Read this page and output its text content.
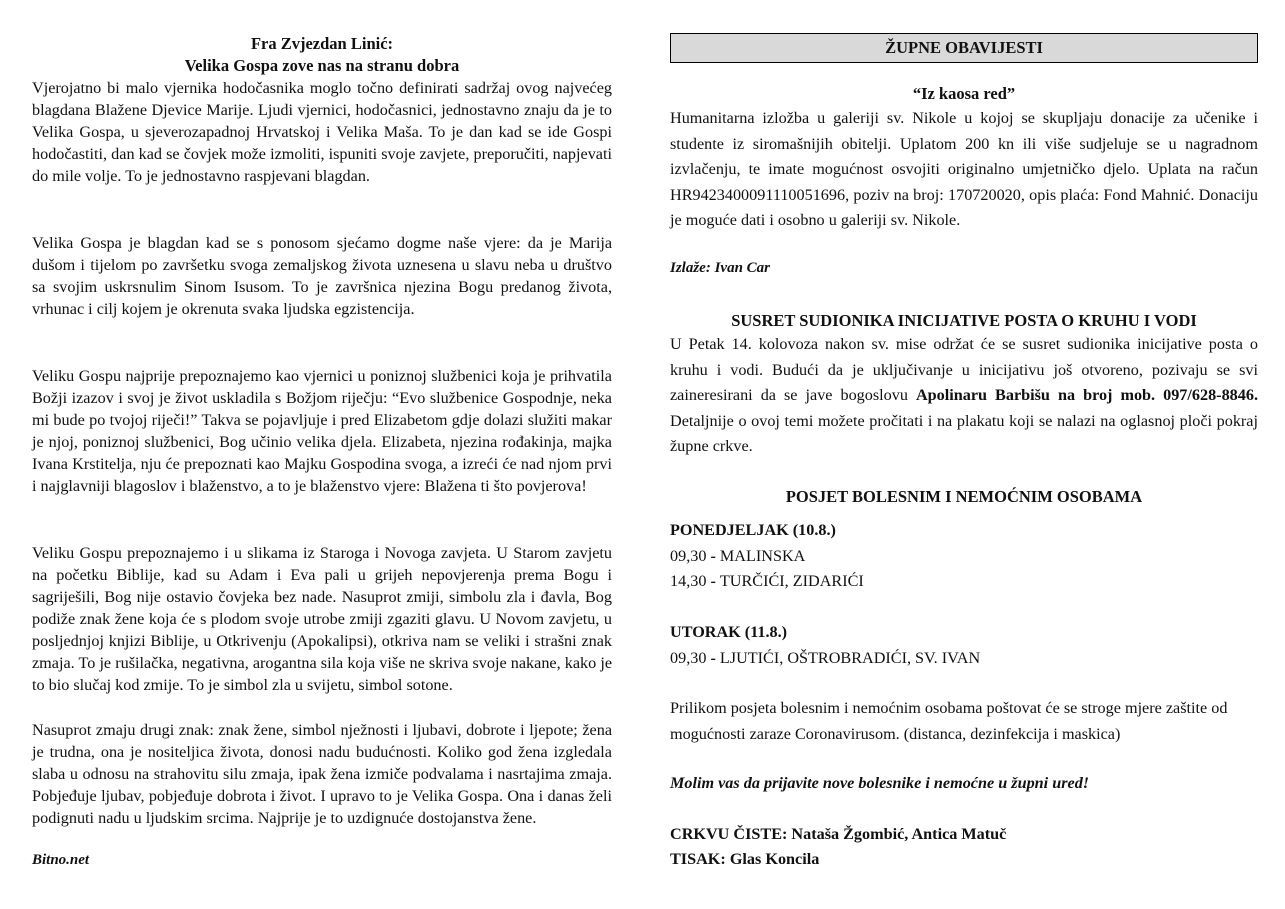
Fra Zvjezdan Linić:
Velika Gospa zove nas na stranu dobra

Vjerojatno bi malo vjernika hodočasnika moglo točno definirati sadržaj ovog najvećeg blagdana Blažene Djevice Marije. Ljudi vjernici, hodočasnici, jednostavno znaju da je to Velika Gospa, u sjeverozapadnoj Hrvatskoj i Velika Maša. To je dan kad se ide Gospi hodočastiti, dan kad se čovjek može izmoliti, ispuniti svoje zavjete, preporučiti, napjevati do mile volje. To je jednostavno raspjevani blagdan.

Velika Gospa je blagdan kad se s ponosom sjećamo dogme naše vjere: da je Marija dušom i tijelom po završetku svoga zemaljskog života uznesena u slavu neba u društvo sa svojim uskrsnulim Sinom Isusom. To je završnica njezina Bogu predanog života, vrhunac i cilj kojem je okrenuta svaka ljudska egzistencija.

Veliku Gospu najprije prepoznajemo kao vjernici u poniznoj službenici koja je prihvatila Božji izazov i svoj je život uskladila s Božjom riječju: “Evo službenice Gospodnje, neka mi bude po tvojoj riječi!” Takva se pojavljuje i pred Elizabetom gdje dolazi služiti makar je njoj, poniznoj službenici, Bog učinio velika djela. Elizabeta, njezina rođakinja, majka Ivana Krstitelja, nju će prepoznati kao Majku Gospodina svoga, a izreći će nad njom prvi i najglavniji blagoslov i blaženstvo, a to je blaženstvo vjere: Blažena ti što povjerova!

Veliku Gospu prepoznajemo i u slikama iz Staroga i Novoga zavjeta. U Starom zavjetu na početku Biblije, kad su Adam i Eva pali u grijeh nepovjerenja prema Bogu i sagriješili, Bog nije ostavio čovjeka bez nade. Nasuprot zmiji, simbolu zla i đavla, Bog podiže znak žene koja će s plodom svoje utrobe zmiji zgaziti glavu. U Novom zavjetu, u posljednjoj knjizi Biblije, u Otkrivenju (Apokalipsi), otkriva nam se veliki i strašni znak zmaja. To je rušilačka, negativna, arogantna sila koja više ne skriva svoje nakane, kako je to bio slučaj kod zmije. To je simbol zla u svijetu, simbol sotone.

Nasuprot zmaju drugi znak: znak žene, simbol nježnosti i ljubavi, dobrote i ljepote; žena je trudna, ona je nositeljica života, donosi nadu budućnosti. Koliko god žena izgledala slaba u odnosu na strahovitu silu zmaja, ipak žena izmiče podvalama i nasrtajima zmaja. Pobjeđuje ljubav, pobjeđuje dobrota i život. I upravo to je Velika Gospa. Ona i danas želi podignuti nadu u ljudskim srcima. Najprije je to uzdignuće dostojanstva žene.

Bitno.net
ŽUPNE OBAVIJESTI
“Iz kaosa red”

Humanitarna izložba u galeriji sv. Nikole u kojoj se skupljaju donacije za učenike i studente iz siromašnijih obitelji. Uplatom 200 kn ili više sudjeluje se u nagradnom izvlačenju, te imate mogućnost osvojiti originalno umjetničko djelo. Uplata na račun HR9423400091110051696, poziv na broj: 170720020, opis plaća: Fond Mahnić. Donaciju je moguće dati i osobno u galeriji sv. Nikole.

Izlaže: Ivan Car
SUSRET SUDIONIKA INICIJATIVE POSTA O KRUHU I VODI

U Petak 14. kolovoza nakon sv. mise održat će se susret sudionika inicijative posta o kruhu i vodi. Budući da je uključivanje u inicijativu još otvoreno, pozivaju se svi zaineresirani da se jave bogoslovu Apolinaru Barbišu na broj mob. 097/628-8846. Detaljnije o ovoj temi možete pročitati i na plakatu koji se nalazi na oglasnoj ploči pokraj župne crkve.

POSJET BOLESNIM I NEMOĆNIM OSOBAMA
PONEDJELJAK (10.8.)
09,30 - MALINSKA
14,30 - TURČIĆI, ZIDARIĆI
UTORAK (11.8.)
09,30 - LJUTIĆI, OŠTROBRADIĆI, SV. IVAN

Prilikom posjeta bolesnim i nemoćnim osobama poštovat će se stroge mjere zaštite od mogućnosti zaraze Coronavirusom. (distanca, dezinfekcija i maskica)

Molim vas da prijavite nove bolesnike i nemoćne u župni ured!
CRKVU ČISTE: Nataša Žgombić, Antica Matuč
TISAK: Glas Koncila
